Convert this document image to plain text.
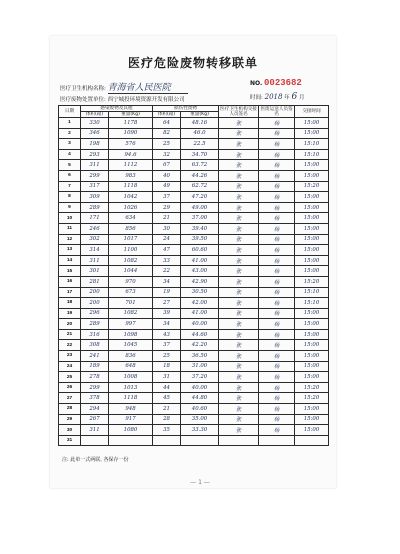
医疗危险废物转移联单
医疗卫生机构名称: 青海省人民医院	NO. 0023682
医疗废物处置单位: 西宁城投环境资源开发有限公司	时间: 2018 年 6 月
日期	感染废物及其他		损伤性废物		医疗卫生机构交接人员签名	医废运送人员签名	交接时间
	体积(箱)	重量(Kg)	体积(箱)	重量(Kg)			
1	330	1178	64	48.16	张	杨	15:00
2	346	1090	82	46.0	张	杨	15:00
3	198	576	25	22.5	张	杨	15:10
4	293	94.6	32	34.70	张	杨	15:10
5	311	1112	67	63.72	张	杨	15:00
6	299	983	40	44.26	张	杨	15:00
7	317	1118	49	62.72	张	杨	15:20
8	309	1042	37	47.20	张	杨	15:00
9	289	1026	29	49.00	张	杨	15:00
10	171	634	21	37.00	张	杨	15:00
11	246	856	30	39.40	张	杨	15:00
12	302	1017	24	39.50	张	杨	15:00
13	314	1100	47	60.60	张	杨	15:00
14	311	1082	33	41.00	张	杨	15:00
15	301	1044	22	43.00	张	杨	15:00
16	281	970	34	42.90	张	杨	15:20
17	200	673	19	30.50	张	杨	15:10
18	200	701	27	42.00	张	杨	15:10
19	296	1082	39	41.00	张	杨	15:00
20	289	997	34	40.00	张	杨	15:00
21	316	1098	43	44.60	张	杨	15:00
22	308	1045	37	42.20	张	杨	15:00
23	241	836	25	36.50	张	杨	15:00
24	189	648	18	31.00	张	杨	15:00
25	278	1008	31	37.20	张	杨	15:00
26	299	1013	44	40.00	张	杨	15:20
27	378	1118	45	44.80	张	杨	15:20
28	294	948	21	40.60	张	杨	15:00
29	267	917	28	35.00	张	杨	15:00
30	311	1080	35	33.30	张	杨	15:00
31							
注: 此单一式两联, 各保存一份
— 1 —
